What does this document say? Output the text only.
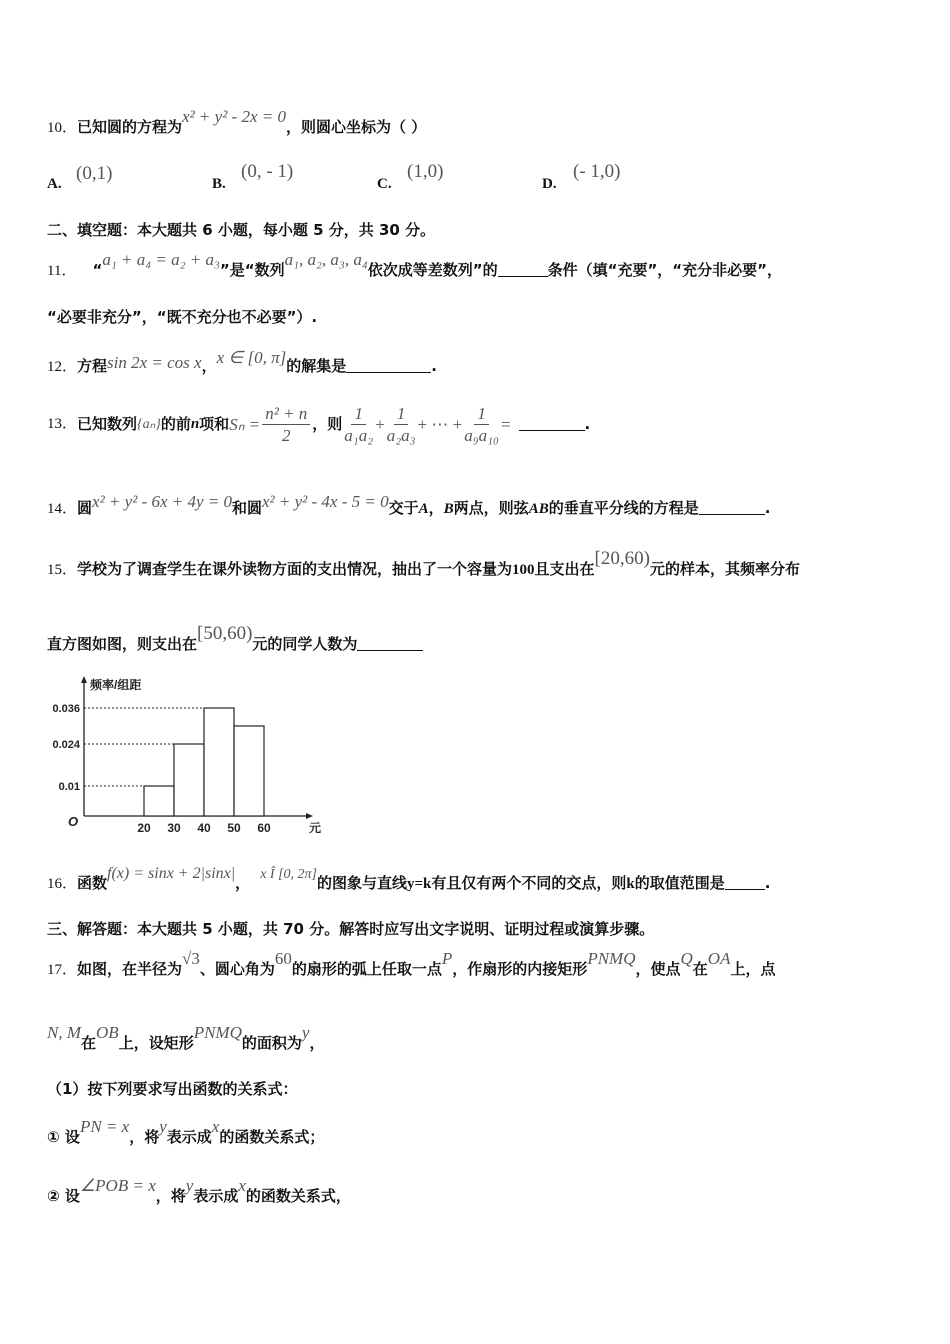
10．已知圆的方程为x² + y² - 2x = 0，则圆心坐标为（ ）
A. (0,1)	B.
(0, - 1)
C.
(1,0)
D.
(- 1,0)
二、填空题：本大题共 6 小题，每小题 5 分，共 30 分。
11． “a₁ + a₄ = a₂ + a₃”是“数列a₁, a₂, a₃, a₄依次成等差数列”的	条件（填“充要”，“充分非必要”，
“必要非充分”，“既不充分也不必要”）.
12．方程sin 2x = cos x，x ∈ [0, π]的解集是	.
13．已知数列{aₙ}的前n项和$S_n = \frac{\text{n² + n}}{2}$ ，则 $\frac{1}{\text{a₁a₂}} + \frac{1}{\text{a₂a₃}}$ + ⋯ + $\frac{1}{\text{a₉a₁₀}}$ =	.
14．圆x² + y² - 6x + 4y = 0和圆x² + y² - 4x - 5 = 0交于A，B两点，则弦AB的垂直平分线的方程是	.
15．学校为了调查学生在课外读物方面的支出情况，抽出了一个容量为100且支出在[20,60)元的样本，其频率分布
直方图如图，则支出在[50,60)元的同学人数为
频率/组距
元
O
0.036
0.024
0.01
20 30 40 50 60
16．函数f(x) = sinx + 2|sinx|， x Î [0, 2π]的图象与直线y=k有且仅有两个不同的交点，则k的取值范围是	.
三、解答题：本大题共 5 小题，共 70 分。解答时应写出文字说明、证明过程或演算步骤。
17．如图，在半径为√3、圆心角为60的扇形的弧上任取一点P，作扇形的内接矩形PNMQ，使点Q在OA上，点
N, M在OB上，设矩形PNMQ的面积为y，
（1）按下列要求写出函数的关系式：
① 设PN = x，将y表示成x的函数关系式；
② 设∠POB = x，将y表示成x的函数关系式，
